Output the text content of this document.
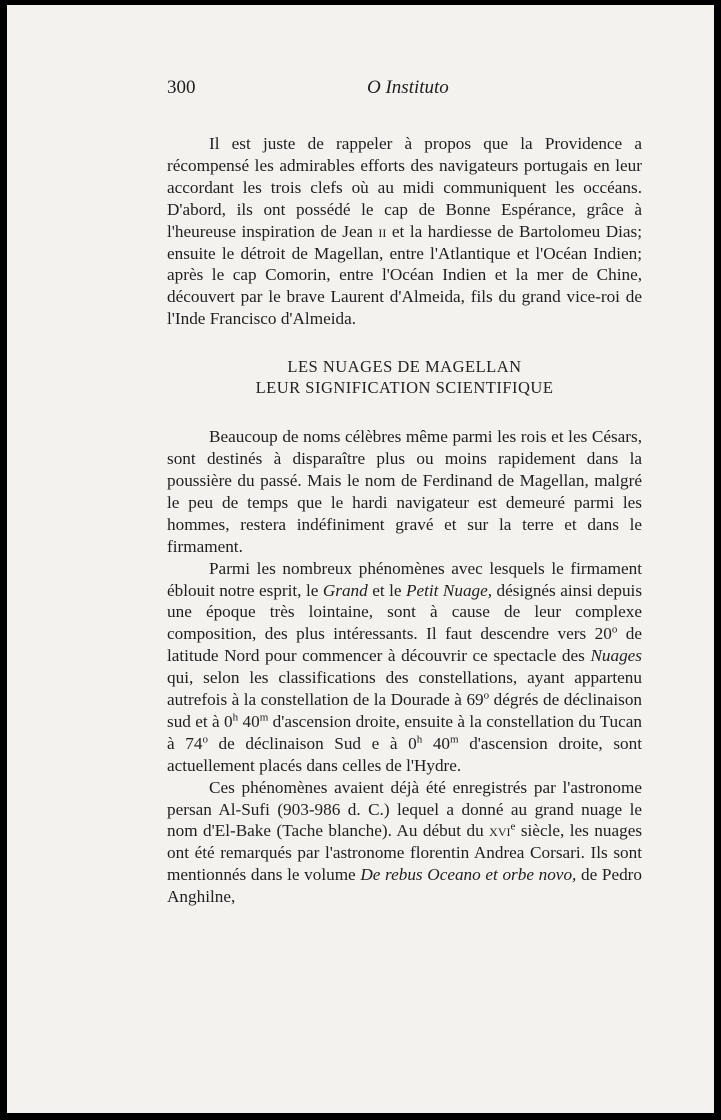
300	O Instituto

Il est juste de rappeler à propos que la Providence a récompensé les admirables efforts des navigateurs portugais en leur accordant les trois clefs où au midi communiquent les occéans. D'abord, ils ont possédé le cap de Bonne Espérance, grâce à l'heureuse inspiration de Jean ii et la hardiesse de Bartolomeu Dias; ensuite le détroit de Magellan, entre l'Atlantique et l'Océan Indien; après le cap Comorin, entre l'Océan Indien et la mer de Chine, découvert par le brave Laurent d'Almeida, fils du grand vice-roi de l'Inde Francisco d'Almeida.

LES NUAGES DE MAGELLAN
LEUR SIGNIFICATION SCIENTIFIQUE

Beaucoup de noms célèbres même parmi les rois et les Césars, sont destinés à disparaître plus ou moins rapidement dans la poussière du passé. Mais le nom de Ferdinand de Magellan, malgré le peu de temps que le hardi navigateur est demeuré parmi les hommes, restera indéfiniment gravé et sur la terre et dans le firmament.

Parmi les nombreux phénomènes avec lesquels le firmament éblouit notre esprit, le Grand et le Petit Nuage, désignés ainsi depuis une époque très lointaine, sont à cause de leur complexe composition, des plus intéressants. Il faut descendre vers 20$^o$ de latitude Nord pour commencer à découvrir ce spectacle des Nuages qui, selon les classifications des constellations, ayant appartenu autrefois à la constellation de la Dourade à 69$^o$ dégrés de déclinaison sud et à 0$^h$ 40$^m$ d'ascension droite, ensuite à la constellation du Tucan à 74$^o$ de déclinaison Sud e à 0$^h$ 40$^m$ d'ascension droite, sont actuellement placés dans celles de l'Hydre.

Ces phénomènes avaient déjà été enregistrés par l'astronome persan Al-Sufi (903-986 d. C.) lequel a donné au grand nuage le nom d'El-Bake (Tache blanche). Au début du xvi$^e$ siècle, les nuages ont été remarqués par l'astronome florentin Andrea Corsari. Ils sont mentionnés dans le volume De rebus Oceano et orbe novo, de Pedro Anghilne,
